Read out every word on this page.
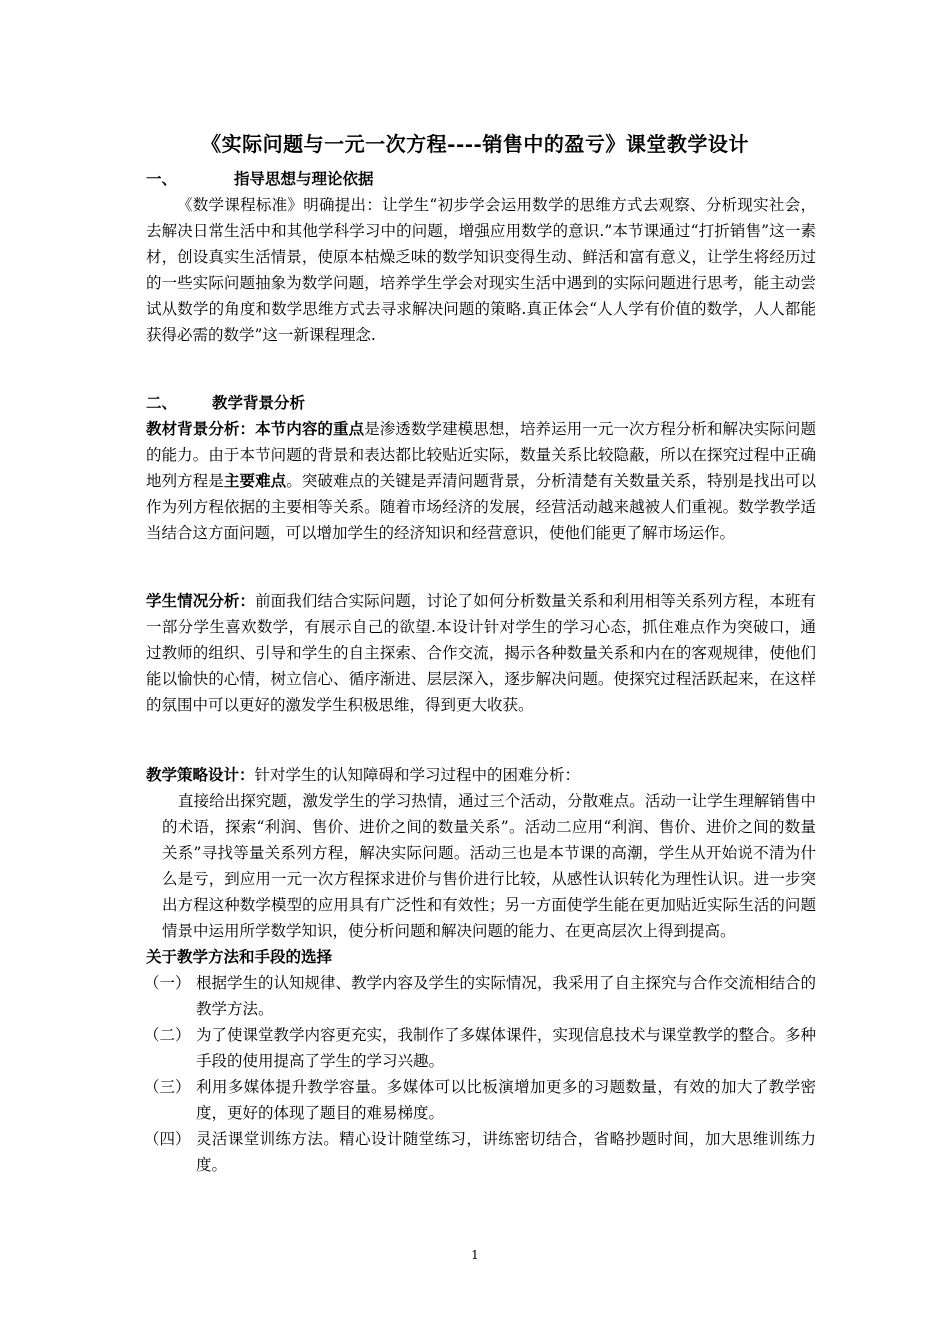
《实际问题与一元一次方程----销售中的盈亏》课堂教学设计
一、	指导思想与理论依据

《数学课程标准》明确提出：让学生“初步学会运用数学的思维方式去观察、分析现实社会，去解决日常生活中和其他学科学习中的问题，增强应用数学的意识.”本节课通过“打折销售”这一素材，创设真实生活情景，使原本枯燥乏味的数学知识变得生动、鲜活和富有意义，让学生将经历过的一些实际问题抽象为数学问题，培养学生学会对现实生活中遇到的实际问题进行思考，能主动尝试从数学的角度和数学思维方式去寻求解决问题的策略.真正体会“人人学有价值的数学，人人都能获得必需的数学”这一新课程理念.

二、 教学背景分析

教材背景分析：本节内容的重点是渗透数学建模思想，培养运用一元一次方程分析和解决实际问题的能力。由于本节问题的背景和表达都比较贴近实际，数量关系比较隐蔽，所以在探究过程中正确地列方程是主要难点。突破难点的关键是弄清问题背景，分析清楚有关数量关系，特别是找出可以作为列方程依据的主要相等关系。随着市场经济的发展，经营活动越来越被人们重视。数学教学适当结合这方面问题，可以增加学生的经济知识和经营意识，使他们能更了解市场运作。

学生情况分析：前面我们结合实际问题，讨论了如何分析数量关系和利用相等关系列方程，本班有一部分学生喜欢数学，有展示自己的欲望.本设计针对学生的学习心态，抓住难点作为突破口，通过教师的组织、引导和学生的自主探索、合作交流，揭示各种数量关系和内在的客观规律，使他们能以愉快的心情，树立信心、循序渐进、层层深入，逐步解决问题。使探究过程活跃起来，在这样的氛围中可以更好的激发学生积极思维，得到更大收获。

教学策略设计：针对学生的认知障碍和学习过程中的困难分析：

直接给出探究题，激发学生的学习热情，通过三个活动，分散难点。活动一让学生理解销售中的术语，探索“利润、售价、进价之间的数量关系”。活动二应用“利润、售价、进价之间的数量关系”寻找等量关系列方程，解决实际问题。活动三也是本节课的高潮，学生从开始说不清为什么是亏，到应用一元一次方程探求进价与售价进行比较，从感性认识转化为理性认识。进一步突出方程这种数学模型的应用具有广泛性和有效性；另一方面使学生能在更加贴近实际生活的问题情景中运用所学数学知识，使分析问题和解决问题的能力、在更高层次上得到提高。

关于教学方法和手段的选择
（一） 根据学生的认知规律、教学内容及学生的实际情况，我采用了自主探究与合作交流相结合的教学方法。
（二） 为了使课堂教学内容更充实，我制作了多媒体课件，实现信息技术与课堂教学的整合。多种手段的使用提高了学生的学习兴趣。
（三） 利用多媒体提升教学容量。多媒体可以比板演增加更多的习题数量，有效的加大了教学密度，更好的体现了题目的难易梯度。
（四） 灵活课堂训练方法。精心设计随堂练习，讲练密切结合，省略抄题时间，加大思维训练力度。
1
